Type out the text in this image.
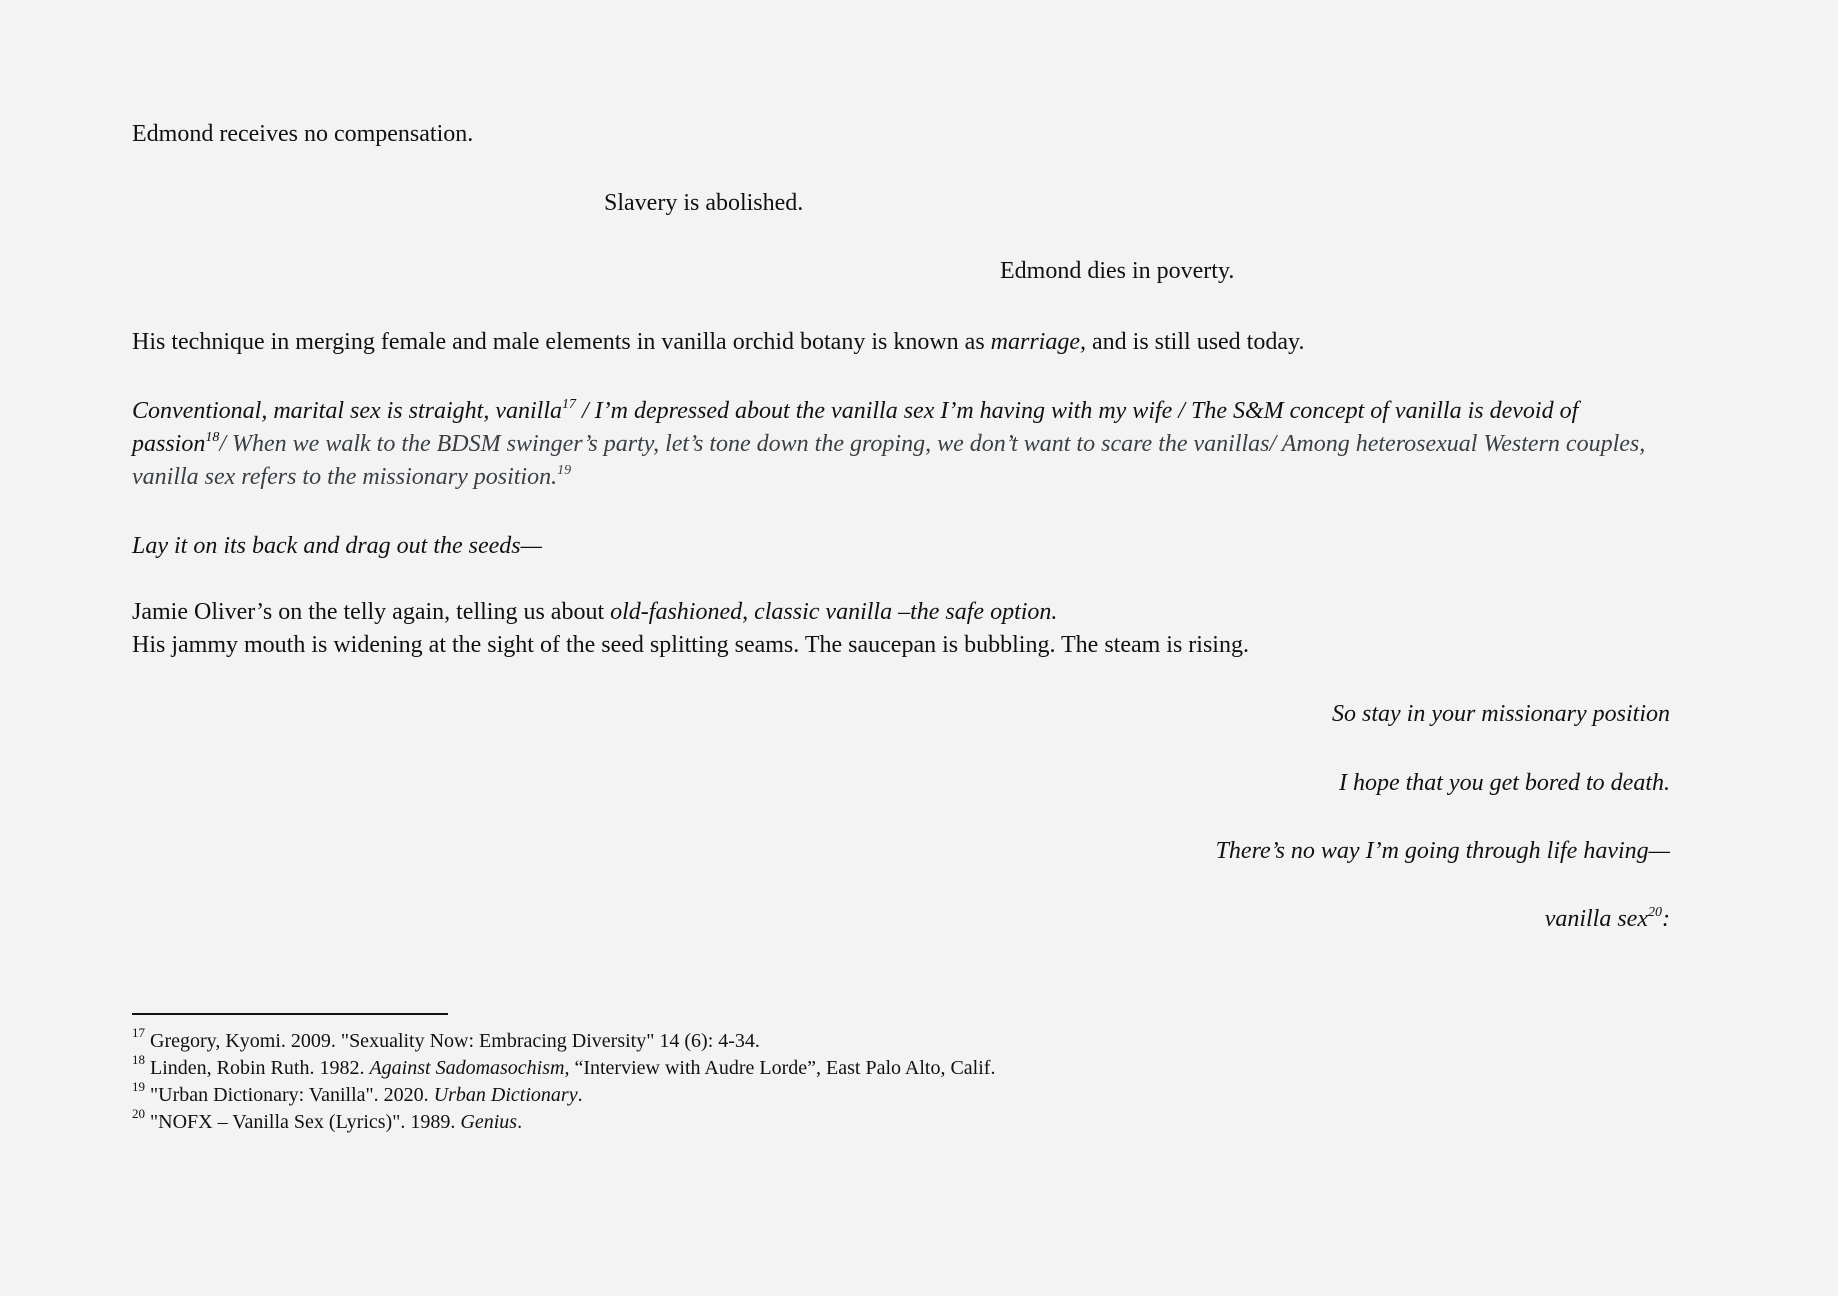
Edmond receives no compensation.
Slavery is abolished.
Edmond dies in poverty.
His technique in merging female and male elements in vanilla orchid botany is known as marriage, and is still used today.
Conventional, marital sex is straight, vanilla$^{17}$ / I’m depressed about the vanilla sex I’m having with my wife / The S&M concept of vanilla is devoid of passion$^{18}$/ When we walk to the BDSM swinger’s party, let’s tone down the groping, we don’t want to scare the vanillas/ Among heterosexual Western couples, vanilla sex refers to the missionary position.$^{19}$
Lay it on its back and drag out the seeds—
Jamie Oliver’s on the telly again, telling us about old-fashioned, classic vanilla –the safe option.
His jammy mouth is widening at the sight of the seed splitting seams. The saucepan is bubbling. The steam is rising.
So stay in your missionary position
I hope that you get bored to death.
There’s no way I’m going through life having—
vanilla sex$^{20}$:
$^{17}$ Gregory, Kyomi. 2009. "Sexuality Now: Embracing Diversity" 14 (6): 4-34.
$^{18}$ Linden, Robin Ruth. 1982. Against Sadomasochism, “Interview with Audre Lorde”, East Palo Alto, Calif.
$^{19}$ "Urban Dictionary: Vanilla". 2020. Urban Dictionary.
$^{20}$ "NOFX – Vanilla Sex (Lyrics)". 1989. Genius.
